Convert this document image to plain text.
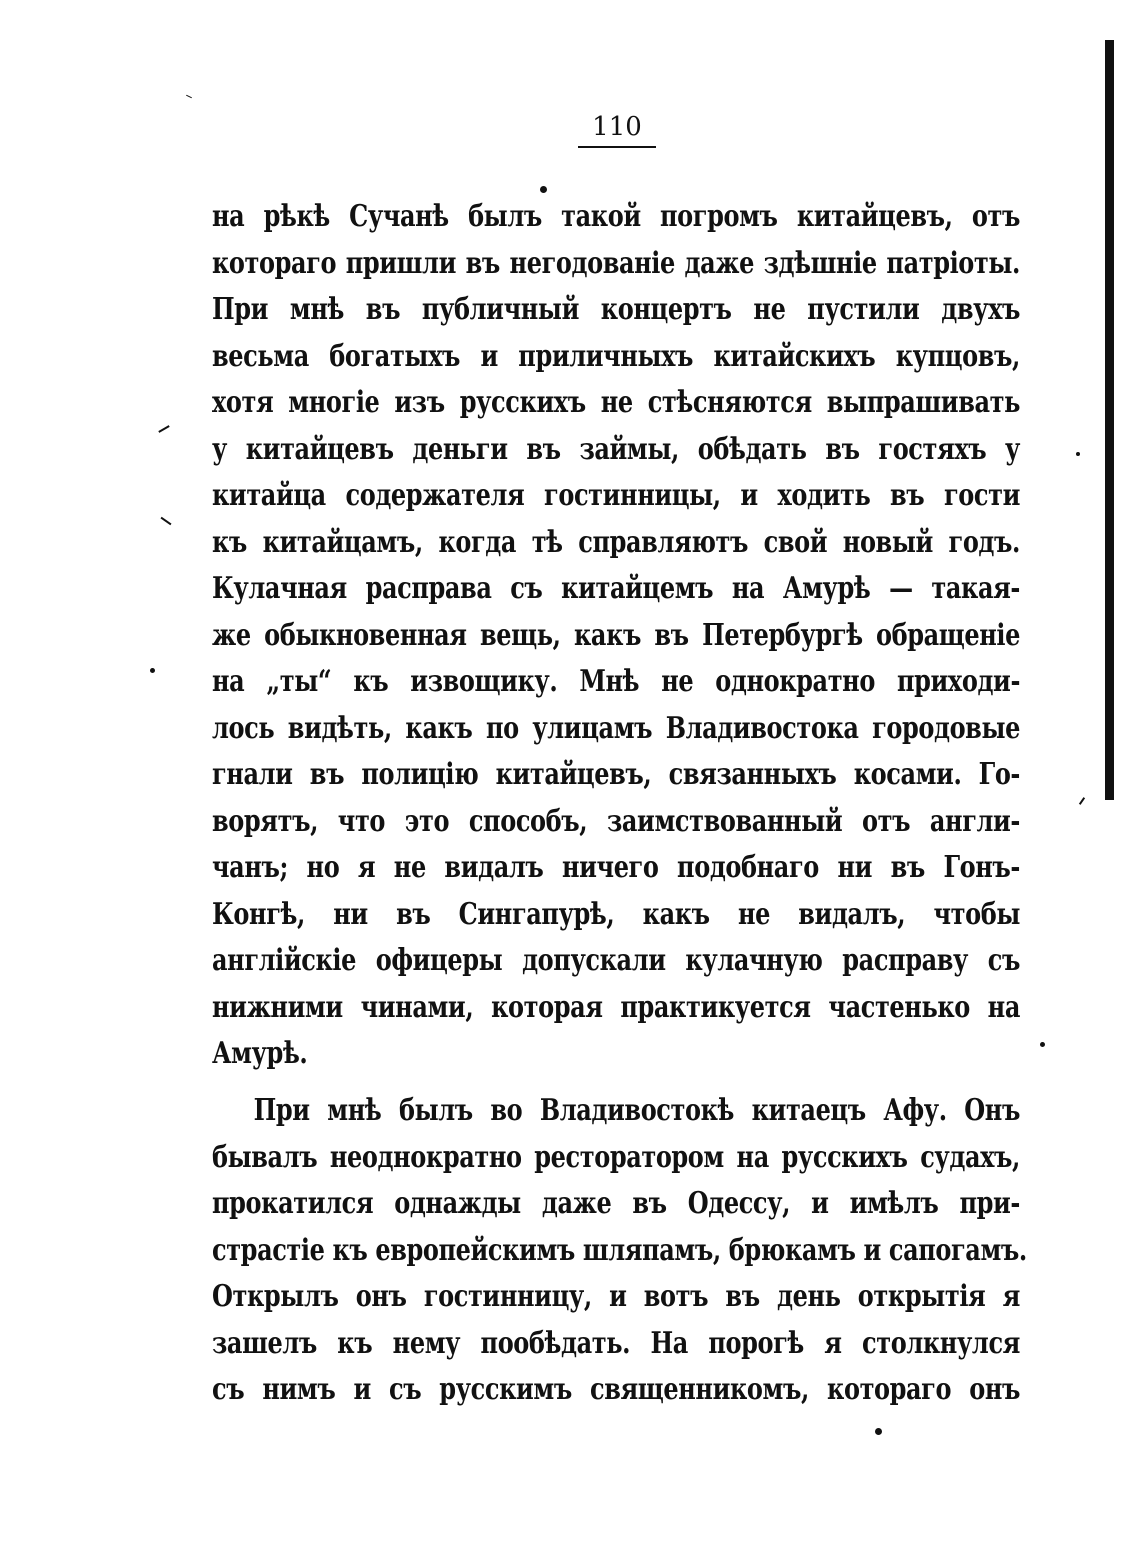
110
на рѣкѣ Сучанѣ былъ такой погромъ китайцевъ, отъ
котораго пришли въ негодованіе даже здѣшніе патріоты.
При мнѣ въ публичный концертъ не пустили двухъ
весьма богатыхъ и приличныхъ китайскихъ купцовъ,
хотя многіе изъ русскихъ не стѣсняются выпрашивать
у китайцевъ деньги въ займы, обѣдать въ гостяхъ у
китайца содержателя гостинницы, и ходить въ гости
къ китайцамъ, когда тѣ справляютъ свой новый годъ.
Кулачная расправа съ китайцемъ на Амурѣ — такая-
же обыкновенная вещь, какъ въ Петербургѣ обращеніе
на „ты“ къ извощику. Мнѣ не однократно приходи-
лось видѣть, какъ по улицамъ Владивостока городовые
гнали въ полицію китайцевъ, связанныхъ косами. Го-
ворятъ, что это способъ, заимствованный отъ англи-
чанъ; но я не видалъ ничего подобнаго ни въ Гонъ-
Конгѣ, ни въ Сингапурѣ, какъ не видалъ, чтобы
англійскіе офицеры допускали кулачную расправу съ
нижними чинами, которая практикуется частенько на
Амурѣ.
При мнѣ былъ во Владивостокѣ китаецъ Афу. Онъ
бывалъ неоднократно ресторатором на русскихъ судахъ,
прокатился однажды даже въ Одессу, и имѣлъ при-
страстіе къ европейскимъ шляпамъ, брюкамъ и сапогамъ.
Открылъ онъ гостинницу, и вотъ въ день открытія я
зашелъ къ нему пообѣдать. На порогѣ я столкнулся
съ нимъ и съ русскимъ священникомъ, котораго онъ
